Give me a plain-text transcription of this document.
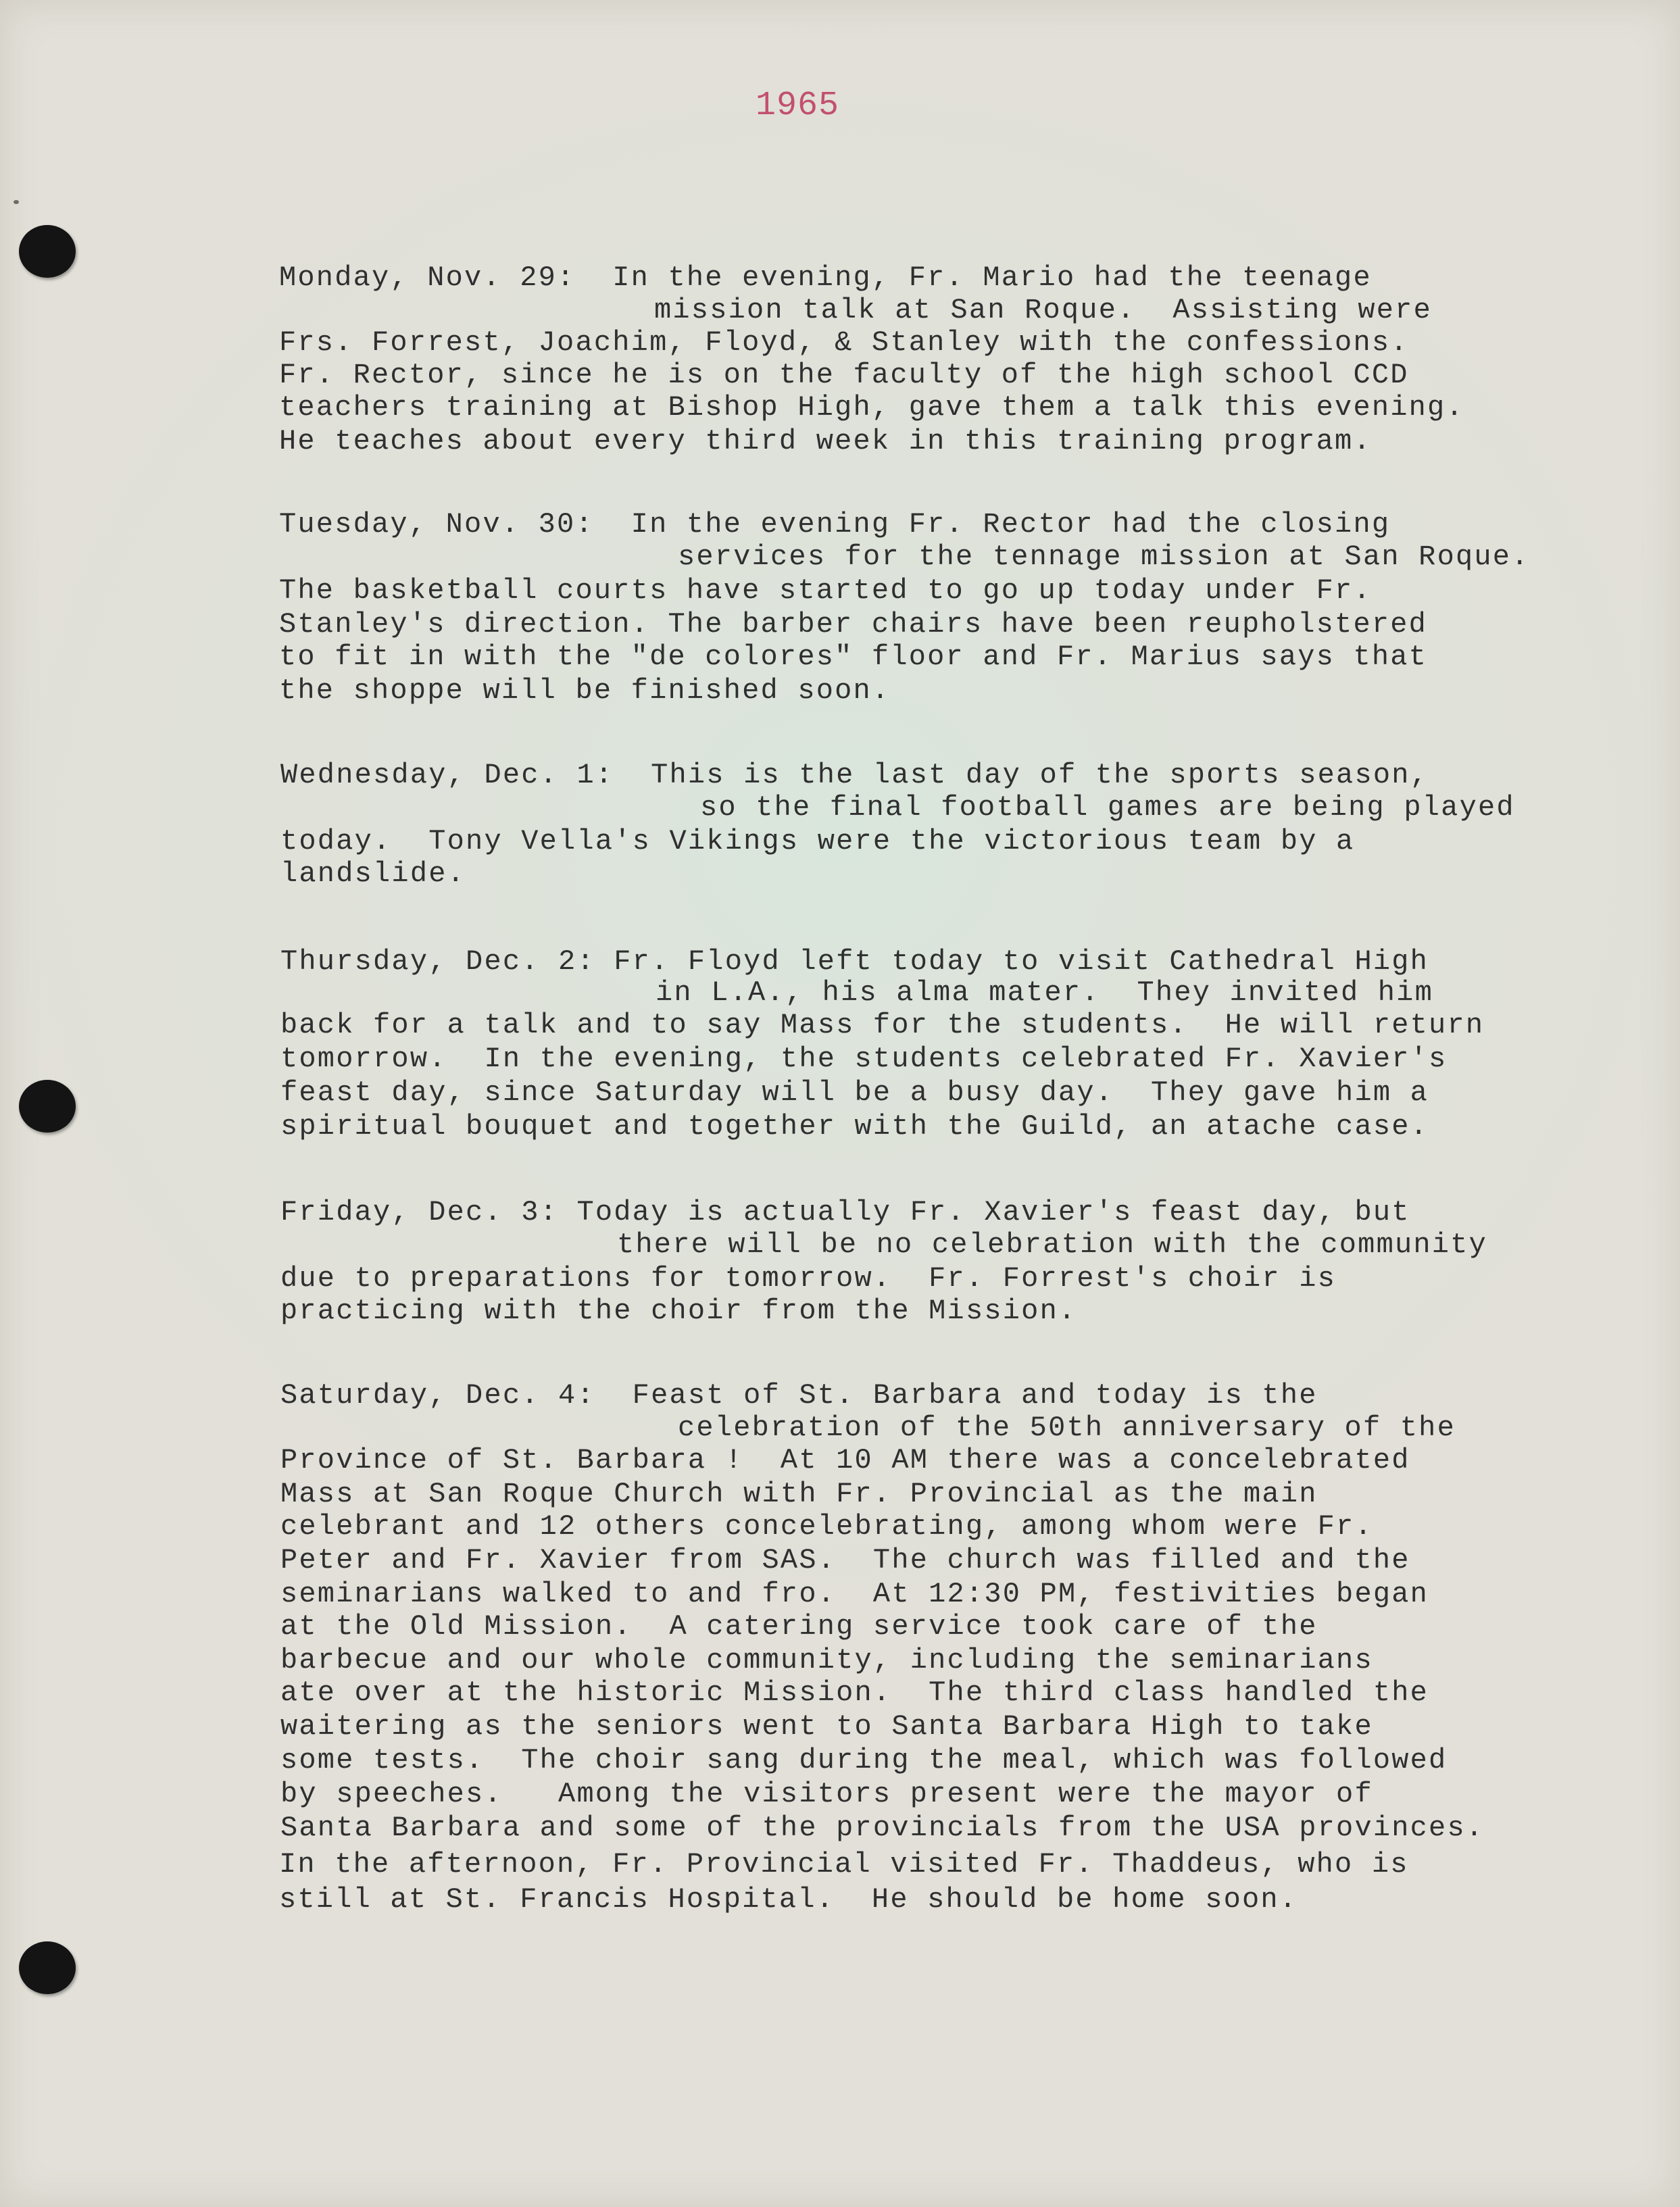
1965
Monday, Nov. 29:  In the evening, Fr. Mario had the teenage
mission talk at San Roque.  Assisting were
Frs. Forrest, Joachim, Floyd, & Stanley with the confessions.
Fr. Rector, since he is on the faculty of the high school CCD
teachers training at Bishop High, gave them a talk this evening.
He teaches about every third week in this training program.
Tuesday, Nov. 30:  In the evening Fr. Rector had the closing
services for the tennage mission at San Roque.
The basketball courts have started to go up today under Fr.
Stanley's direction. The barber chairs have been reupholstered
to fit in with the "de colores" floor and Fr. Marius says that
the shoppe will be finished soon.
Wednesday, Dec. 1:  This is the last day of the sports season,
so the final football games are being played
today.  Tony Vella's Vikings were the victorious team by a
landslide.
Thursday, Dec. 2: Fr. Floyd left today to visit Cathedral High
in L.A., his alma mater.  They invited him
back for a talk and to say Mass for the students.  He will return
tomorrow.  In the evening, the students celebrated Fr. Xavier's
feast day, since Saturday will be a busy day.  They gave him a
spiritual bouquet and together with the Guild, an atache case.
Friday, Dec. 3: Today is actually Fr. Xavier's feast day, but
there will be no celebration with the community
due to preparations for tomorrow.  Fr. Forrest's choir is
practicing with the choir from the Mission.
Saturday, Dec. 4:  Feast of St. Barbara and today is the
celebration of the 50th anniversary of the
Province of St. Barbara !  At 10 AM there was a concelebrated
Mass at San Roque Church with Fr. Provincial as the main
celebrant and 12 others concelebrating, among whom were Fr.
Peter and Fr. Xavier from SAS.  The church was filled and the
seminarians walked to and fro.  At 12:30 PM, festivities began
at the Old Mission.  A catering service took care of the
barbecue and our whole community, including the seminarians
ate over at the historic Mission.  The third class handled the
waitering as the seniors went to Santa Barbara High to take
some tests.  The choir sang during the meal, which was followed
by speeches.   Among the visitors present were the mayor of
Santa Barbara and some of the provincials from the USA provinces.
In the afternoon, Fr. Provincial visited Fr. Thaddeus, who is
still at St. Francis Hospital.  He should be home soon.
